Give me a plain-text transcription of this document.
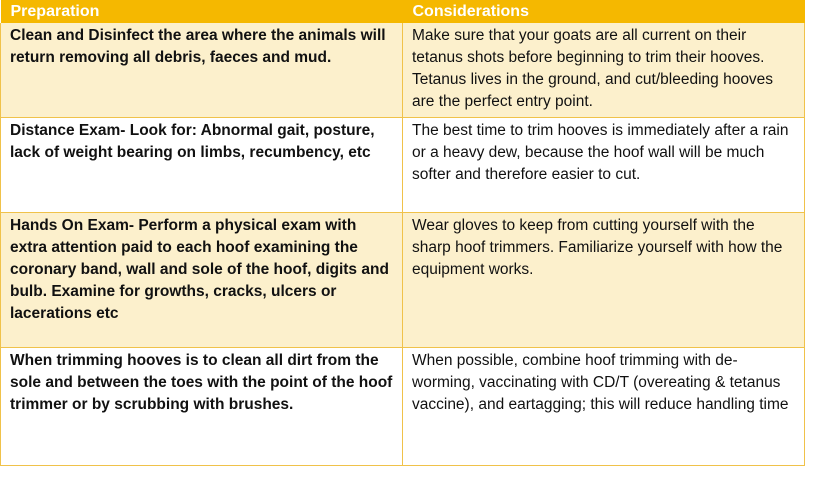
Preparation	Considerations
Clean and Disinfect the area where the animals will return removing all debris, faeces and mud.	Make sure that your goats are all current on their tetanus shots before beginning to trim their hooves. Tetanus lives in the ground, and cut/bleeding hooves are the perfect entry point.
Distance Exam- Look for: Abnormal gait, posture, lack of weight bearing on limbs, recumbency, etc	The best time to trim hooves is immediately after a rain or a heavy dew, because the hoof wall will be much softer and therefore easier to cut.
Hands On Exam- Perform a physical exam with extra attention paid to each hoof examining the coronary band, wall and sole of the hoof, digits and bulb. Examine for growths, cracks, ulcers or lacerations etc	Wear gloves to keep from cutting yourself with the sharp hoof trimmers. Familiarize yourself with how the equipment works.
When trimming hooves is to clean all dirt from the sole and between the toes with the point of the hoof trimmer or by scrubbing with brushes.	When possible, combine hoof trimming with de-worming, vaccinating with CD/T (overeating & tetanus vaccine), and eartagging; this will reduce handling time
